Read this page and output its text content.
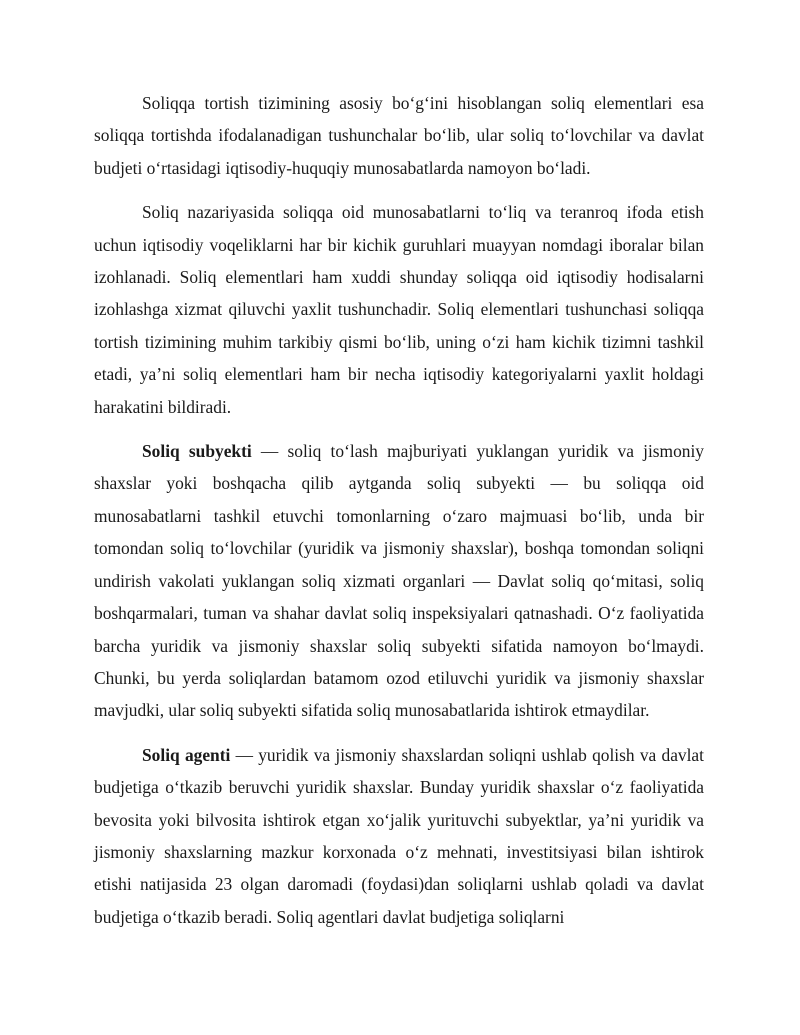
Soliqqa tortish tizimining asosiy bo‘g‘ini hisoblangan soliq elementlari esa soliqqa tortishda ifodalanadigan tushunchalar bo‘lib, ular soliq to‘lovchilar va davlat budjeti o‘rtasidagi iqtisodiy-huquqiy munosabatlarda namoyon bo‘ladi.

Soliq nazariyasida soliqqa oid munosabatlarni to‘liq va teranroq ifoda etish uchun iqtisodiy voqeliklarni har bir kichik guruhlari muayyan nomdagi iboralar bilan izohlanadi. Soliq elementlari ham xuddi shunday soliqqa oid iqtisodiy hodisalarni izohlashga xizmat qiluvchi yaxlit tushunchadir. Soliq elementlari tushunchasi soliqqa tortish tizimining muhim tarkibiy qismi bo‘lib, uning o‘zi ham kichik tizimni tashkil etadi, ya’ni soliq elementlari ham bir necha iqtisodiy kategoriyalarni yaxlit holdagi harakatini bildiradi.

Soliq subyekti — soliq to‘lash majburiyati yuklangan yuridik va jismoniy shaxslar yoki boshqacha qilib aytganda soliq subyekti — bu soliqqa oid munosabatlarni tashkil etuvchi tomonlarning o‘zaro majmuasi bo‘lib, unda bir tomondan soliq to‘lovchilar (yuridik va jismoniy shaxslar), boshqa tomondan soliqni undirish vakolati yuklangan soliq xizmati organlari — Davlat soliq qo‘mitasi, soliq boshqarmalari, tuman va shahar davlat soliq inspeksiyalari qatnashadi. O‘z faoliyatida barcha yuridik va jismoniy shaxslar soliq subyekti sifatida namoyon bo‘lmaydi. Chunki, bu yerda soliqlardan batamom ozod etiluvchi yuridik va jismoniy shaxslar mavjudki, ular soliq subyekti sifatida soliq munosabatlarida ishtirok etmaydilar.

Soliq agenti — yuridik va jismoniy shaxslardan soliqni ushlab qolish va davlat budjetiga o‘tkazib beruvchi yuridik shaxslar. Bunday yuridik shaxslar o‘z faoliyatida bevosita yoki bilvosita ishtirok etgan xo‘jalik yurituvchi subyektlar, ya’ni yuridik va jismoniy shaxslarning mazkur korxonada o‘z mehnati, investitsiyasi bilan ishtirok etishi natijasida 23 olgan daromadi (foydasi)dan soliqlarni ushlab qoladi va davlat budjetiga o‘tkazib beradi. Soliq agentlari davlat budjetiga soliqlarni
